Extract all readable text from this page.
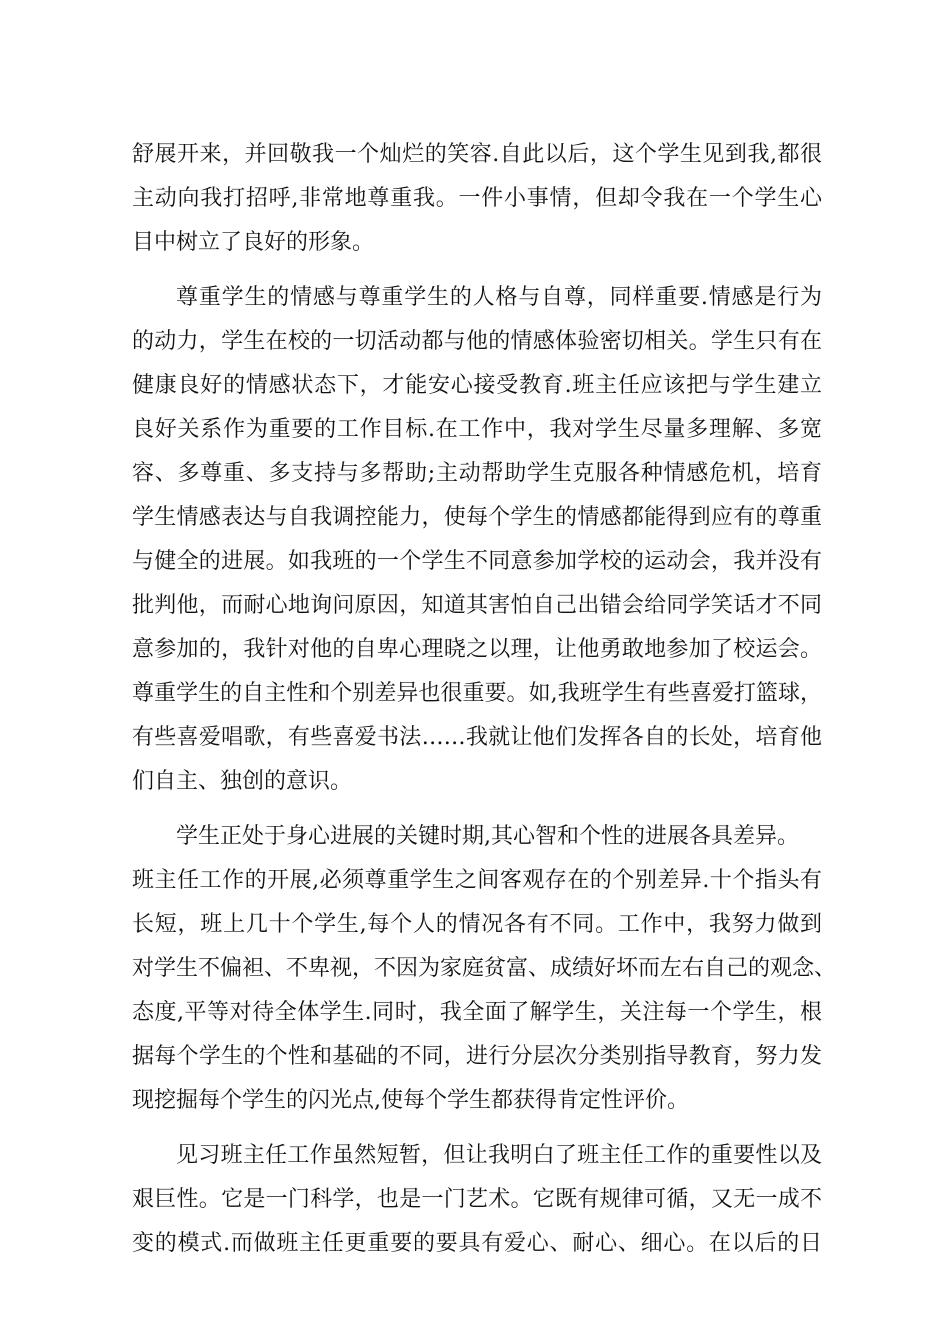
舒展开来，并回敬我一个灿烂的笑容.自此以后，这个学生见到我,都很
主动向我打招呼,非常地尊重我。一件小事情，但却令我在一个学生心
目中树立了良好的形象。
尊重学生的情感与尊重学生的人格与自尊，同样重要.情感是行为
的动力，学生在校的一切活动都与他的情感体验密切相关。学生只有在
健康良好的情感状态下，才能安心接受教育.班主任应该把与学生建立
良好关系作为重要的工作目标.在工作中，我对学生尽量多理解、多宽
容、多尊重、多支持与多帮助;主动帮助学生克服各种情感危机，培育
学生情感表达与自我调控能力，使每个学生的情感都能得到应有的尊重
与健全的进展。如我班的一个学生不同意参加学校的运动会，我并没有
批判他，而耐心地询问原因，知道其害怕自己出错会给同学笑话才不同
意参加的，我针对他的自卑心理晓之以理，让他勇敢地参加了校运会。
尊重学生的自主性和个别差异也很重要。如,我班学生有些喜爱打篮球，
有些喜爱唱歌，有些喜爱书法……我就让他们发挥各自的长处，培育他
们自主、独创的意识。
学生正处于身心进展的关键时期,其心智和个性的进展各具差异。
班主任工作的开展,必须尊重学生之间客观存在的个别差异.十个指头有
长短，班上几十个学生,每个人的情况各有不同。工作中，我努力做到
对学生不偏袒、不卑视，不因为家庭贫富、成绩好坏而左右自己的观念、
态度,平等对待全体学生.同时，我全面了解学生，关注每一个学生，根
据每个学生的个性和基础的不同，进行分层次分类别指导教育，努力发
现挖掘每个学生的闪光点,使每个学生都获得肯定性评价。
见习班主任工作虽然短暂，但让我明白了班主任工作的重要性以及
艰巨性。它是一门科学，也是一门艺术。它既有规律可循，又无一成不
变的模式.而做班主任更重要的要具有爱心、耐心、细心。在以后的日
